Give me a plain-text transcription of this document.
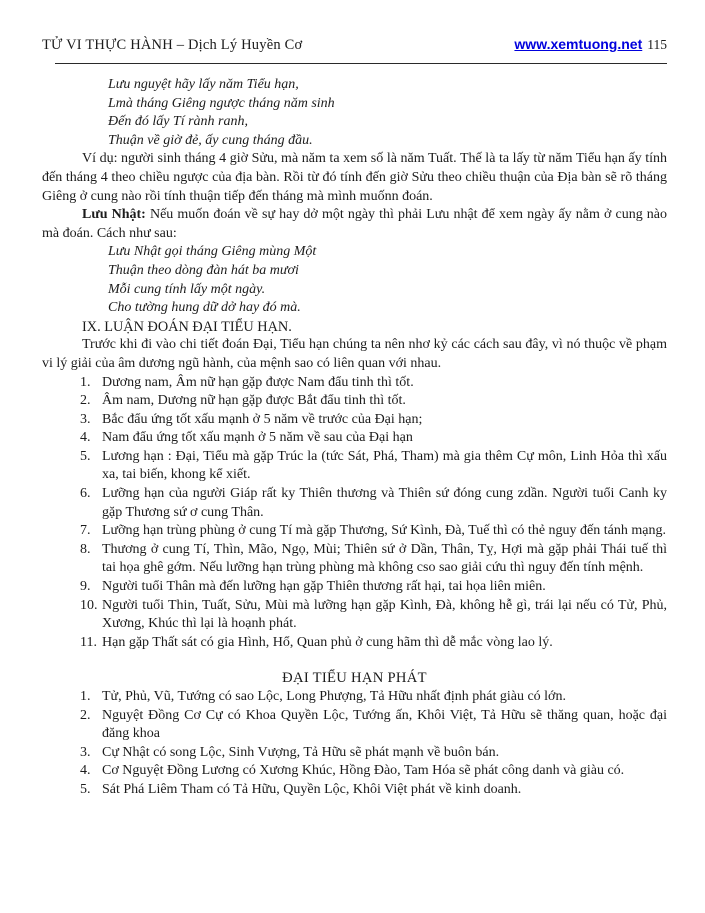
TỬ VI THỰC HÀNH – Dịch Lý Huyền Cơ	www.xemtuong.net 115
Lưu nguyệt hãy lấy năm Tiểu hạn,
Lmà tháng Giêng ngược tháng năm sinh
Đến đó lấy Tí rành ranh,
Thuận về giờ đẻ, ấy cung tháng đầu.

Ví dụ: người sinh tháng 4 giờ Sửu, mà năm ta xem số là năm Tuất. Thế là ta lấy từ năm Tiểu hạn ấy tính đến tháng 4 theo chiều ngược của địa bàn. Rồi từ đó tính đến giờ Sửu theo chiều thuận của Địa bàn sẽ rõ tháng Giêng ở cung nào rồi tính thuận tiếp đến tháng mà mình muốnn đoán.

Lưu Nhật: Nếu muốn đoán về sự hay dở một ngày thì phải Lưu nhật để xem ngày ấy nằm ở cung nào mà đoán. Cách như sau:

Lưu Nhật gọi tháng Giêng mùng Một
Thuận theo dòng đàn hát ba mươi
Mỗi cung tính lấy một ngày.
Cho tường hung dữ dở hay đó mà.
IX. LUẬN ĐOÁN ĐẠI TIỂU HẠN.

Trước khi đi vào chi tiết đoán Đại, Tiểu hạn chúng ta nên nhơ kỷ các cách sau đây, vì nó thuộc về phạm vi lý giải của âm dương ngũ hành, của mệnh sao có liên quan với nhau.

1. Dương nam, Âm nữ hạn gặp được Nam đẩu tinh thì tốt.
2. Âm nam, Dương nữ hạn gặp được Bắt đẩu tinh thì tốt.
3. Bắc đẩu ứng tốt xấu mạnh ở 5 năm về trước của Đại hạn;
4. Nam đẩu ứng tốt xấu mạnh ở 5 năm về sau của Đại hạn
5. Lương hạn : Đại, Tiểu mà gặp Trúc la (tức Sát, Phá, Tham) mà gia thêm Cự môn, Linh Hỏa thì xấu xa, tai biến, khong kể xiết.
6. Lưỡng hạn của người Giáp rất ky Thiên thương và Thiên sứ đóng cung zdần. Người tuổi Canh ky gặp Thương sứ ơ cung Thân.
7. Lưỡng hạn trùng phùng ở cung Tí mà gặp Thương, Sứ Kình, Đà, Tuế thì có thẻ nguy đến tánh mạng.
8. Thương ở cung Tí, Thìn, Mão, Ngọ, Mùi; Thiên sứ ở Dần, Thân, Tỵ, Hợi mà gặp phải Thái tuế thì tai họa ghê gớm. Nếu lưỡng hạn trùng phùng mà không cso sao giải cứu thì nguy đến tính mệnh.
9. Người tuổi Thân mà đến lưỡng hạn gặp Thiên thương rất hại, tai họa liên miên.
10. Người tuổi Thin, Tuất, Sửu, Mùi mà lưỡng hạn gặp Kình, Đà, không hễ gì, trái lại nếu có Tử, Phủ, Xương, Khúc thì lại là hoạnh phát.
11. Hạn gặp Thất sát có gia Hình, Hổ, Quan phủ ở cung hãm thì dễ mắc vòng lao lý.
ĐẠI TIỂU HẠN PHÁT
1. Tử, Phủ, Vũ, Tướng có sao Lộc, Long Phượng, Tả Hữu nhất định phát giàu có lớn.
2. Nguyệt Đồng Cơ Cự có Khoa Quyền Lộc, Tướng ấn, Khôi Việt, Tả Hữu sẽ thăng quan, hoặc đại đăng khoa
3. Cự Nhật có song Lộc, Sinh Vượng, Tả Hữu sẽ phát mạnh về buôn bán.
4. Cơ Nguyệt Đồng Lương có Xương Khúc, Hồng Đào, Tam Hóa sẽ phát công danh và giàu có.
5. Sát Phá Liêm Tham có Tả Hữu, Quyền Lộc, Khôi Việt phát về kinh doanh.
